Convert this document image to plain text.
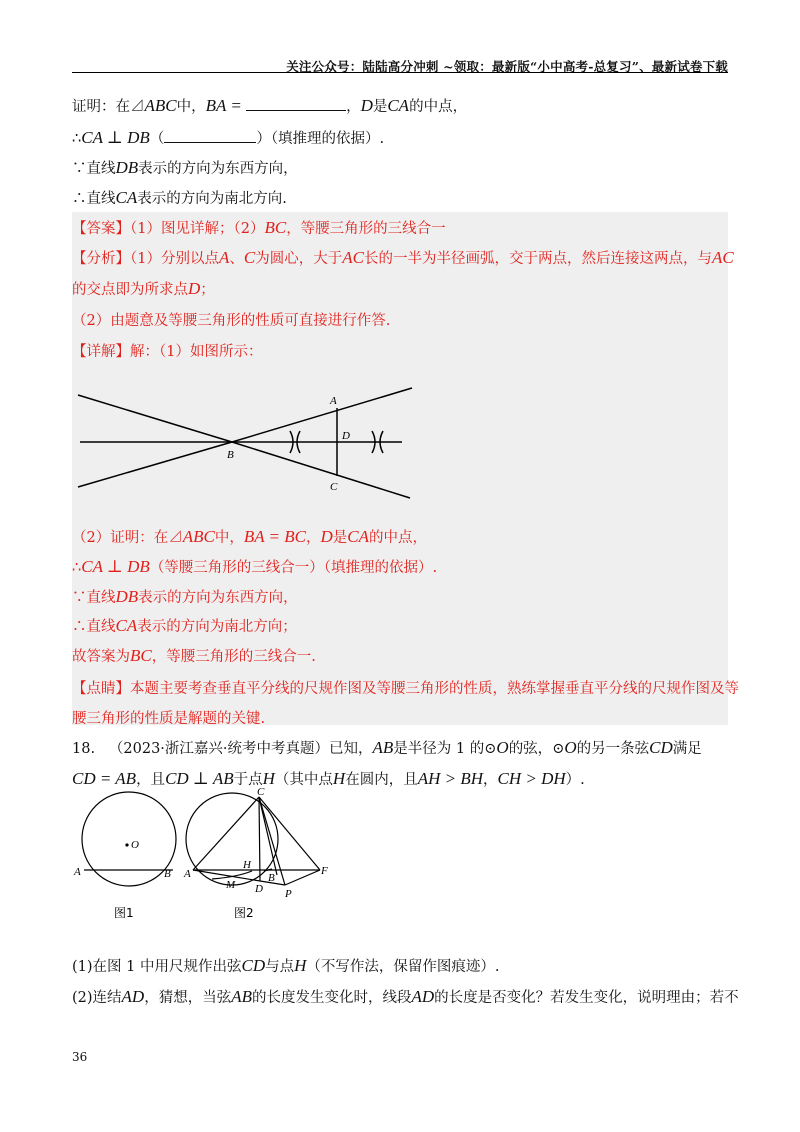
关注公众号：陆陆高分冲刺 ~领取：最新版“小中高考-总复习”、最新试卷下载
证明：在⊿ABC中，BA =	，D是CA的中点，
∴CA ⊥ DB（	）（填推理的依据）.
∵直线DB表示的方向为东西方向，
∴直线CA表示的方向为南北方向.
【答案】（1）图见详解；（2）BC，等腰三角形的三线合一
【分析】（1）分别以点A、C为圆心，大于AC长的一半为半径画弧，交于两点，然后连接这两点，与AC
的交点即为所求点D；
（2）由题意及等腰三角形的性质可直接进行作答.
【详解】解：（1）如图所示：
A
D
B
C
（2）证明：在⊿ABC中，BA = BC，D是CA的中点，
∴CA ⊥ DB（等腰三角形的三线合一）（填推理的依据）.
∵直线DB表示的方向为东西方向，
∴直线CA表示的方向为南北方向；
故答案为BC，等腰三角形的三线合一.
【点睛】本题主要考查垂直平分线的尺规作图及等腰三角形的性质，熟练掌握垂直平分线的尺规作图及等
腰三角形的性质是解题的关键.
18. （2023·浙江嘉兴·统考中考真题）已知，AB是半径为 1 的⊙O的弦，⊙O的另一条弦CD满足
CD = AB，且CD ⊥ AB于点H（其中点H在圆内，且AH > BH，CH > DH）.
O
A	B
图1
C
H
A	B
M D P
F
图2
(1)在图 1 中用尺规作出弦CD与点H（不写作法，保留作图痕迹）.
(2)连结AD，猜想，当弦AB的长度发生变化时，线段AD的长度是否变化？若发生变化，说明理由；若不
36
